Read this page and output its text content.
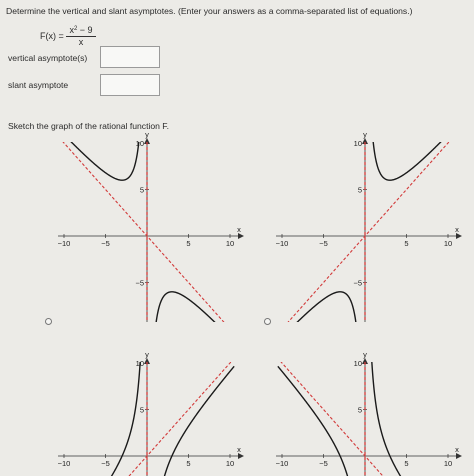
Determine the vertical and slant asymptotes. (Enter your answers as a comma-separated list of equations.)
$F(x) = \frac{x^2 - 9}{x}$
vertical asymptote(s)
slant asymptote
Sketch the graph of the rational function F.
−10	−5	5	10
−5
5
10
x
y
−10	−5	5	10
−5
5
10
x
y
−10	−5	5	10
5
10
x
y
−10	−5	5	10
5
10
x
y
